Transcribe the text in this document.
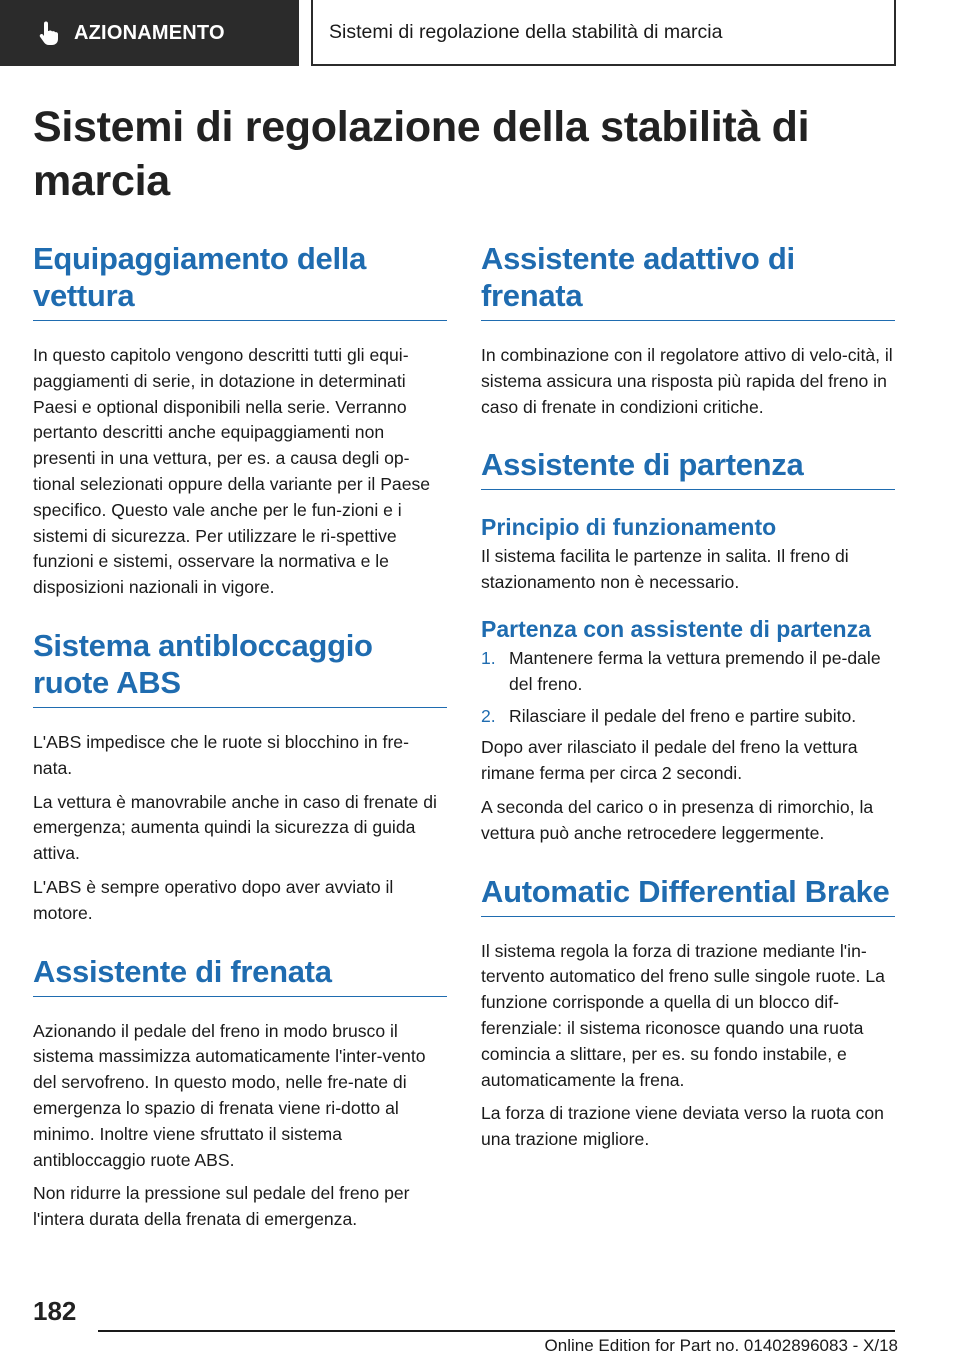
AZIONAMENTO	Sistemi di regolazione della stabilità di marcia
Sistemi di regolazione della stabilità di marcia
Equipaggiamento della vettura

In questo capitolo vengono descritti tutti gli equi-paggiamenti di serie, in dotazione in determinati Paesi e optional disponibili nella serie. Verranno pertanto descritti anche equipaggiamenti non presenti in una vettura, per es. a causa degli op-tional selezionati oppure della variante per il Paese specifico. Questo vale anche per le fun-zioni e i sistemi di sicurezza. Per utilizzare le ri-spettive funzioni e sistemi, osservare la normativa e le disposizioni nazionali in vigore.

Sistema antibloccaggio ruote ABS

L'ABS impedisce che le ruote si blocchino in fre-nata.

La vettura è manovrabile anche in caso di frenate di emergenza; aumenta quindi la sicurezza di guida attiva.

L'ABS è sempre operativo dopo aver avviato il motore.

Assistente di frenata

Azionando il pedale del freno in modo brusco il sistema massimizza automaticamente l'inter-vento del servofreno. In questo modo, nelle fre-nate di emergenza lo spazio di frenata viene ri-dotto al minimo. Inoltre viene sfruttato il sistema antibloccaggio ruote ABS.

Non ridurre la pressione sul pedale del freno per l'intera durata della frenata di emergenza.

Assistente adattivo di frenata

In combinazione con il regolatore attivo di velo-cità, il sistema assicura una risposta più rapida del freno in caso di frenate in condizioni critiche.

Assistente di partenza
Principio di funzionamento

Il sistema facilita le partenze in salita. Il freno di stazionamento non è necessario.

Partenza con assistente di partenza
1. Mantenere ferma la vettura premendo il pe-dale del freno.
2. Rilasciare il pedale del freno e partire subito.

Dopo aver rilasciato il pedale del freno la vettura rimane ferma per circa 2 secondi.

A seconda del carico o in presenza di rimorchio, la vettura può anche retrocedere leggermente.

Automatic Differential Brake

Il sistema regola la forza di trazione mediante l'in-tervento automatico del freno sulle singole ruote. La funzione corrisponde a quella di un blocco dif-ferenziale: il sistema riconosce quando una ruota comincia a slittare, per es. su fondo instabile, e automaticamente la frena.

La forza di trazione viene deviata verso la ruota con una trazione migliore.

182
Online Edition for Part no. 01402896083 - X/18
